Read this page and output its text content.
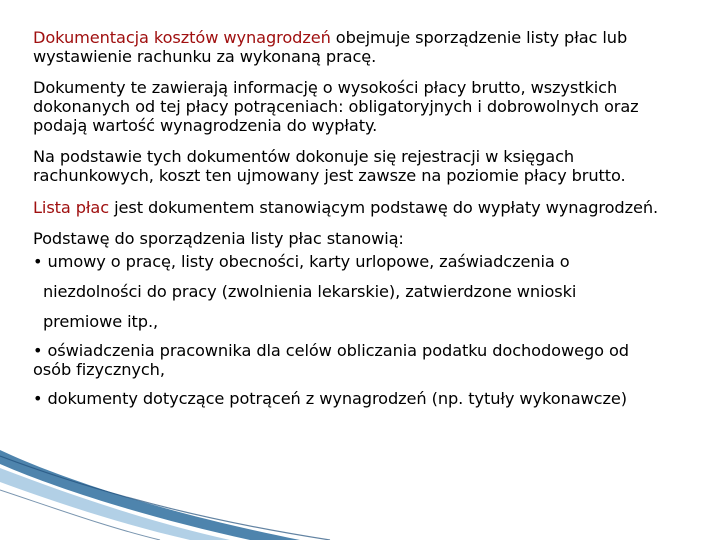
Dokumentacja kosztów wynagrodzeń obejmuje sporządzenie listy płac lub wystawienie rachunku za wykonaną pracę.

Dokumenty te zawierają informację o wysokości płacy brutto, wszystkich dokonanych od tej płacy potrąceniach: obligatoryjnych i dobrowolnych oraz podają wartość wynagrodzenia do wypłaty.

Na podstawie tych dokumentów dokonuje się rejestracji w księgach rachunkowych, koszt ten ujmowany jest zawsze na poziomie płacy brutto.

Lista płac jest dokumentem stanowiącym podstawę do wypłaty wynagrodzeń.

Podstawę do sporządzenia listy płac stanowią:

• umowy o pracę, listy obecności, karty urlopowe, zaświadczenia o

niezdolności do pracy (zwolnienia lekarskie), zatwierdzone wnioski

premiowe itp.,

• oświadczenia pracownika dla celów obliczania podatku dochodowego od

osób fizycznych,

• dokumenty dotyczące potrąceń z wynagrodzeń (np. tytuły wykonawcze)
